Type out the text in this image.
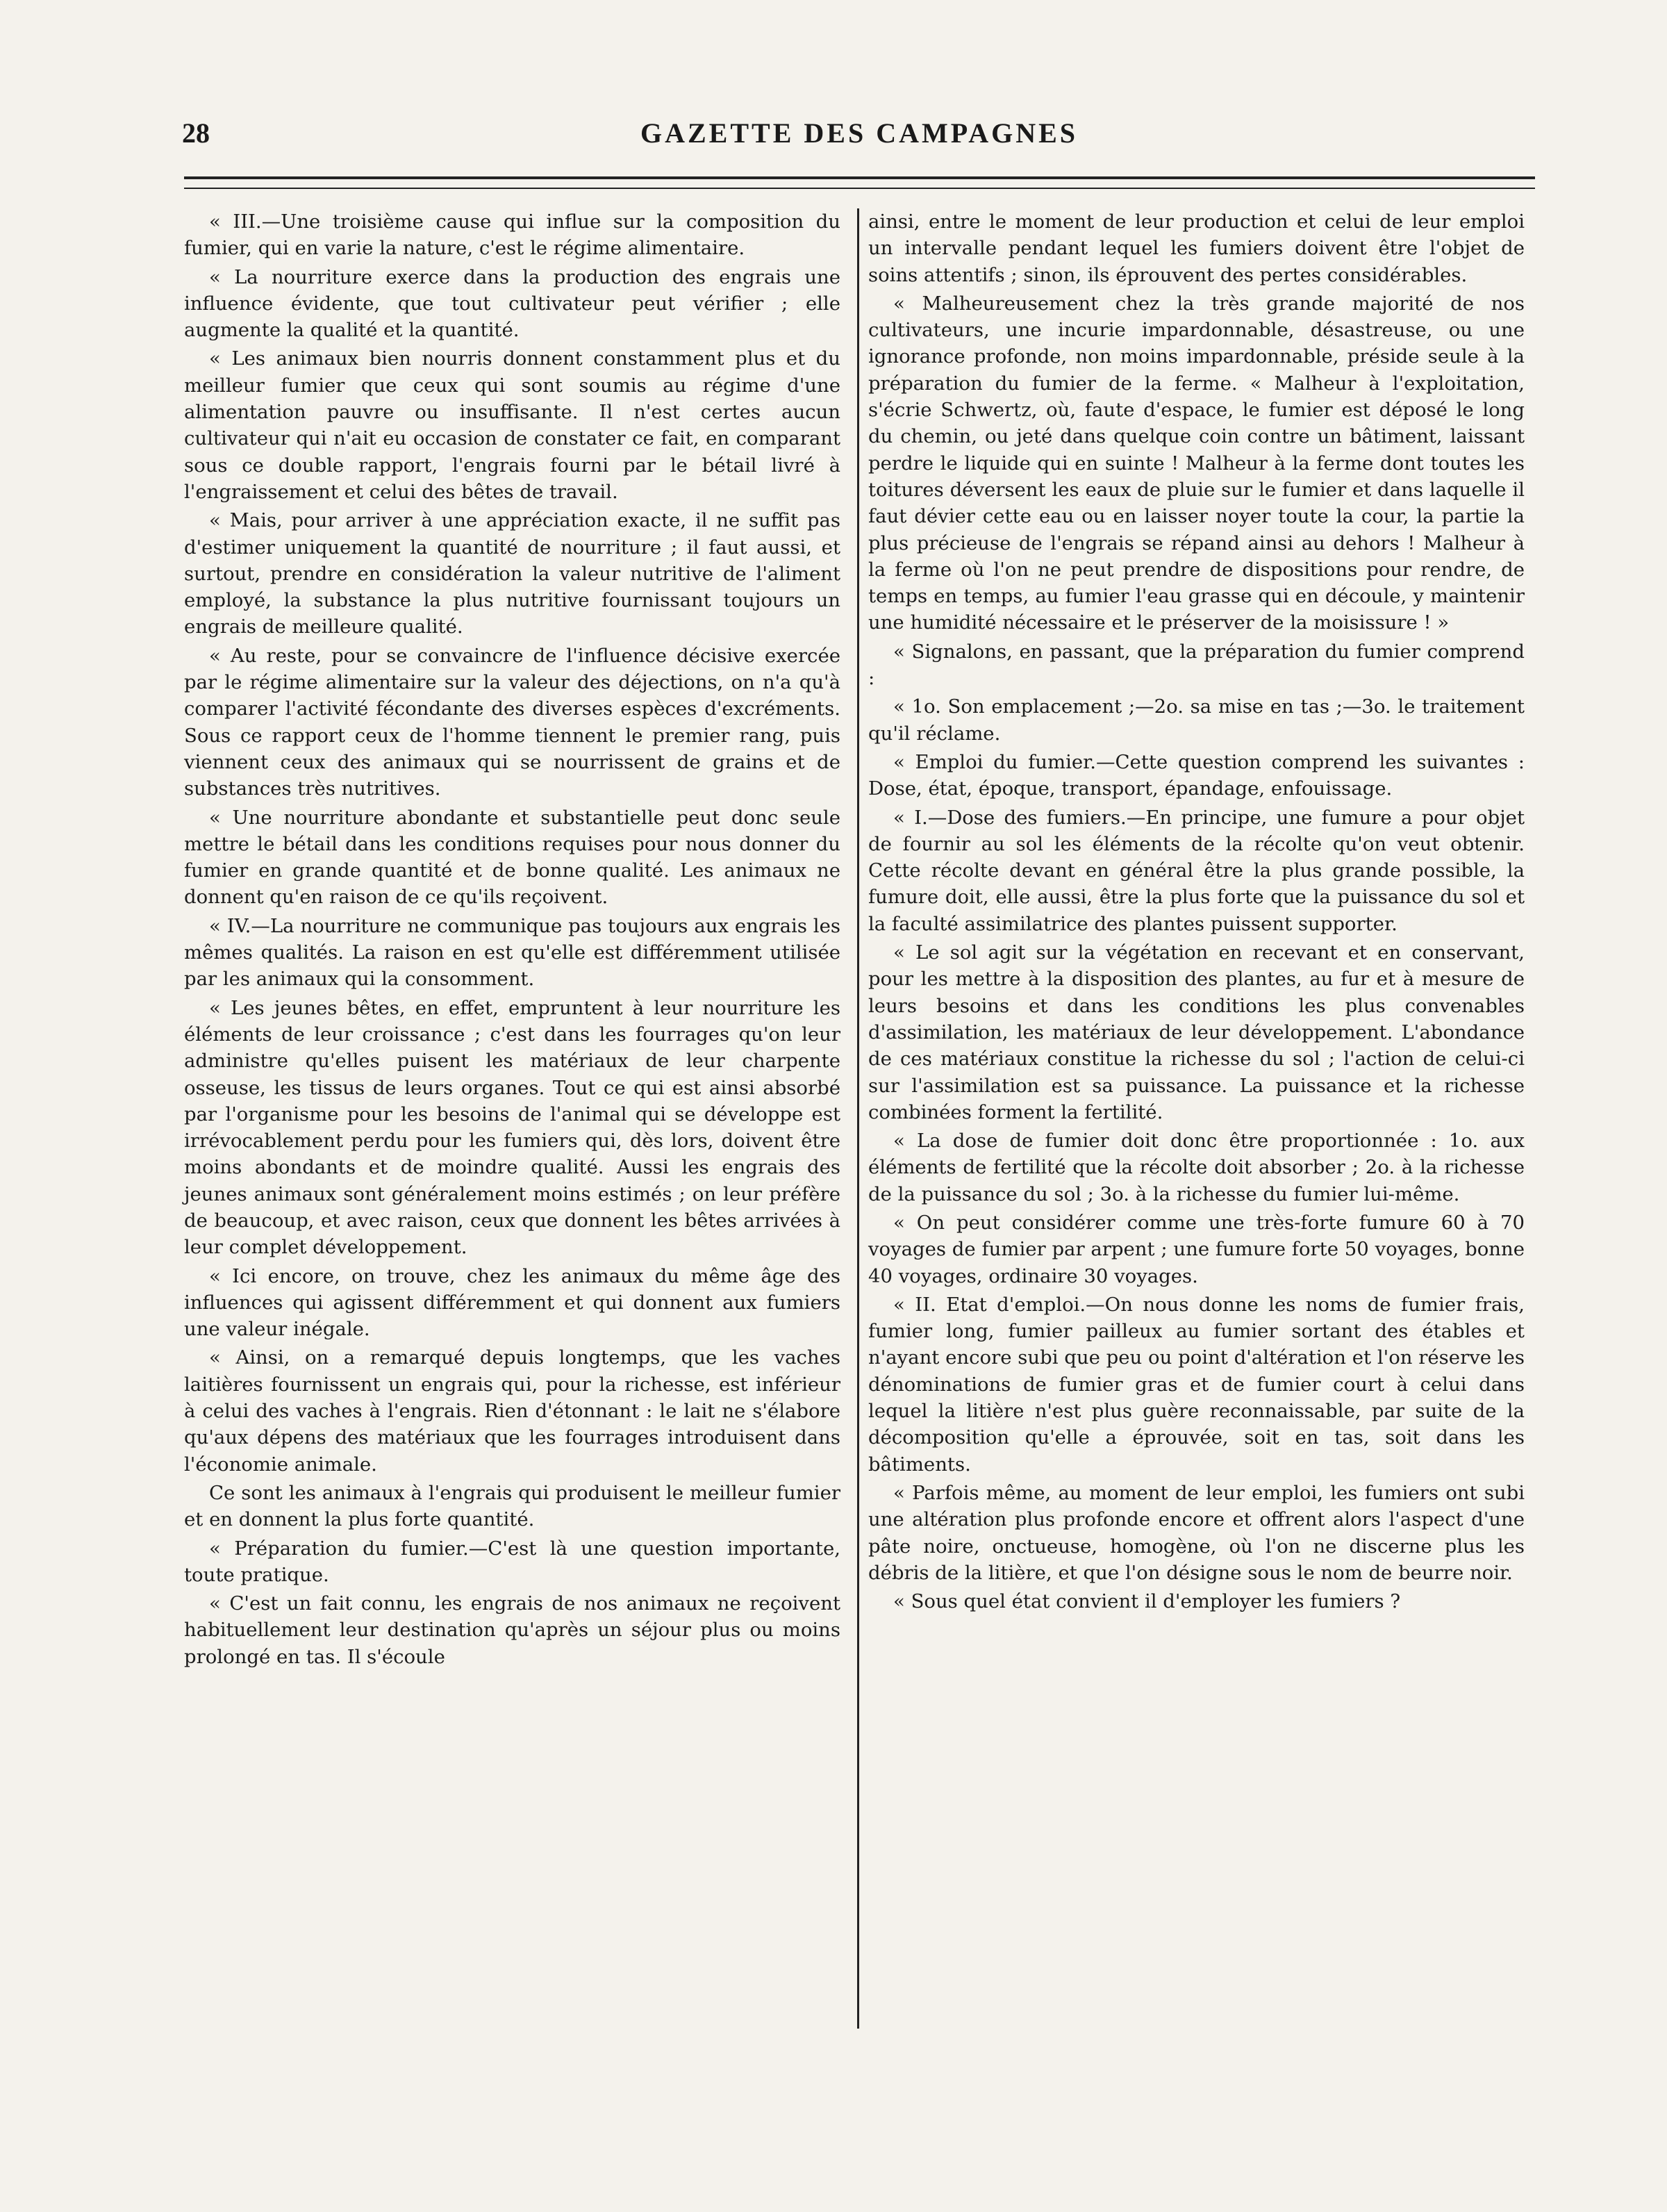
28	GAZETTE DES CAMPAGNES

« III.—Une troisième cause qui influe sur la composition du fumier, qui en varie la nature, c'est le régime alimentaire.

« La nourriture exerce dans la production des engrais une influence évidente, que tout cultivateur peut vérifier ; elle augmente la qualité et la quantité.

« Les animaux bien nourris donnent constamment plus et du meilleur fumier que ceux qui sont soumis au régime d'une alimentation pauvre ou insuffisante. Il n'est certes aucun cultivateur qui n'ait eu occasion de constater ce fait, en comparant sous ce double rapport, l'engrais fourni par le bétail livré à l'engraissement et celui des bêtes de travail.

« Mais, pour arriver à une appréciation exacte, il ne suffit pas d'estimer uniquement la quantité de nourriture ; il faut aussi, et surtout, prendre en considération la valeur nutritive de l'aliment employé, la substance la plus nutritive fournissant toujours un engrais de meilleure qualité.

« Au reste, pour se convaincre de l'influence décisive exercée par le régime alimentaire sur la valeur des déjections, on n'a qu'à comparer l'activité fécondante des diverses espèces d'excréments. Sous ce rapport ceux de l'homme tiennent le premier rang, puis viennent ceux des animaux qui se nourrissent de grains et de substances très nutritives.

« Une nourriture abondante et substantielle peut donc seule mettre le bétail dans les conditions requises pour nous donner du fumier en grande quantité et de bonne qualité. Les animaux ne donnent qu'en raison de ce qu'ils reçoivent.

« IV.—La nourriture ne communique pas toujours aux engrais les mêmes qualités. La raison en est qu'elle est différemment utilisée par les animaux qui la consomment.

« Les jeunes bêtes, en effet, empruntent à leur nourriture les éléments de leur croissance ; c'est dans les fourrages qu'on leur administre qu'elles puisent les matériaux de leur charpente osseuse, les tissus de leurs organes. Tout ce qui est ainsi absorbé par l'organisme pour les besoins de l'animal qui se développe est irrévocablement perdu pour les fumiers qui, dès lors, doivent être moins abondants et de moindre qualité. Aussi les engrais des jeunes animaux sont généralement moins estimés ; on leur préfère de beaucoup, et avec raison, ceux que donnent les bêtes arrivées à leur complet développement.

« Ici encore, on trouve, chez les animaux du même âge des influences qui agissent différemment et qui donnent aux fumiers une valeur inégale.

« Ainsi, on a remarqué depuis longtemps, que les vaches laitières fournissent un engrais qui, pour la richesse, est inférieur à celui des vaches à l'engrais. Rien d'étonnant : le lait ne s'élabore qu'aux dépens des matériaux que les fourrages introduisent dans l'économie animale.

Ce sont les animaux à l'engrais qui produisent le meilleur fumier et en donnent la plus forte quantité.

« Préparation du fumier.—C'est là une question importante, toute pratique.

« C'est un fait connu, les engrais de nos animaux ne reçoivent habituellement leur destination qu'après un séjour plus ou moins prolongé en tas. Il s'écoule

ainsi, entre le moment de leur production et celui de leur emploi un intervalle pendant lequel les fumiers doivent être l'objet de soins attentifs ; sinon, ils éprouvent des pertes considérables.

« Malheureusement chez la très grande majorité de nos cultivateurs, une incurie impardonnable, désastreuse, ou une ignorance profonde, non moins impardonnable, préside seule à la préparation du fumier de la ferme. « Malheur à l'exploitation, s'écrie Schwertz, où, faute d'espace, le fumier est déposé le long du chemin, ou jeté dans quelque coin contre un bâtiment, laissant perdre le liquide qui en suinte ! Malheur à la ferme dont toutes les toitures déversent les eaux de pluie sur le fumier et dans laquelle il faut dévier cette eau ou en laisser noyer toute la cour, la partie la plus précieuse de l'engrais se répand ainsi au dehors ! Malheur à la ferme où l'on ne peut prendre de dispositions pour rendre, de temps en temps, au fumier l'eau grasse qui en découle, y maintenir une humidité nécessaire et le préserver de la moisissure ! »

« Signalons, en passant, que la préparation du fumier comprend :

« 1o. Son emplacement ;—2o. sa mise en tas ;—3o. le traitement qu'il réclame.

« Emploi du fumier.—Cette question comprend les suivantes : Dose, état, époque, transport, épandage, enfouissage.

« I.—Dose des fumiers.—En principe, une fumure a pour objet de fournir au sol les éléments de la récolte qu'on veut obtenir. Cette récolte devant en général être la plus grande possible, la fumure doit, elle aussi, être la plus forte que la puissance du sol et la faculté assimilatrice des plantes puissent supporter.

« Le sol agit sur la végétation en recevant et en conservant, pour les mettre à la disposition des plantes, au fur et à mesure de leurs besoins et dans les conditions les plus convenables d'assimilation, les matériaux de leur développement. L'abondance de ces matériaux constitue la richesse du sol ; l'action de celui-ci sur l'assimilation est sa puissance. La puissance et la richesse combinées forment la fertilité.

« La dose de fumier doit donc être proportionnée : 1o. aux éléments de fertilité que la récolte doit absorber ; 2o. à la richesse de la puissance du sol ; 3o. à la richesse du fumier lui-même.

« On peut considérer comme une très-forte fumure 60 à 70 voyages de fumier par arpent ; une fumure forte 50 voyages, bonne 40 voyages, ordinaire 30 voyages.

« II. Etat d'emploi.—On nous donne les noms de fumier frais, fumier long, fumier pailleux au fumier sortant des étables et n'ayant encore subi que peu ou point d'altération et l'on réserve les dénominations de fumier gras et de fumier court à celui dans lequel la litière n'est plus guère reconnaissable, par suite de la décomposition qu'elle a éprouvée, soit en tas, soit dans les bâtiments.

« Parfois même, au moment de leur emploi, les fumiers ont subi une altération plus profonde encore et offrent alors l'aspect d'une pâte noire, onctueuse, homogène, où l'on ne discerne plus les débris de la litière, et que l'on désigne sous le nom de beurre noir.

« Sous quel état convient il d'employer les fumiers ?
